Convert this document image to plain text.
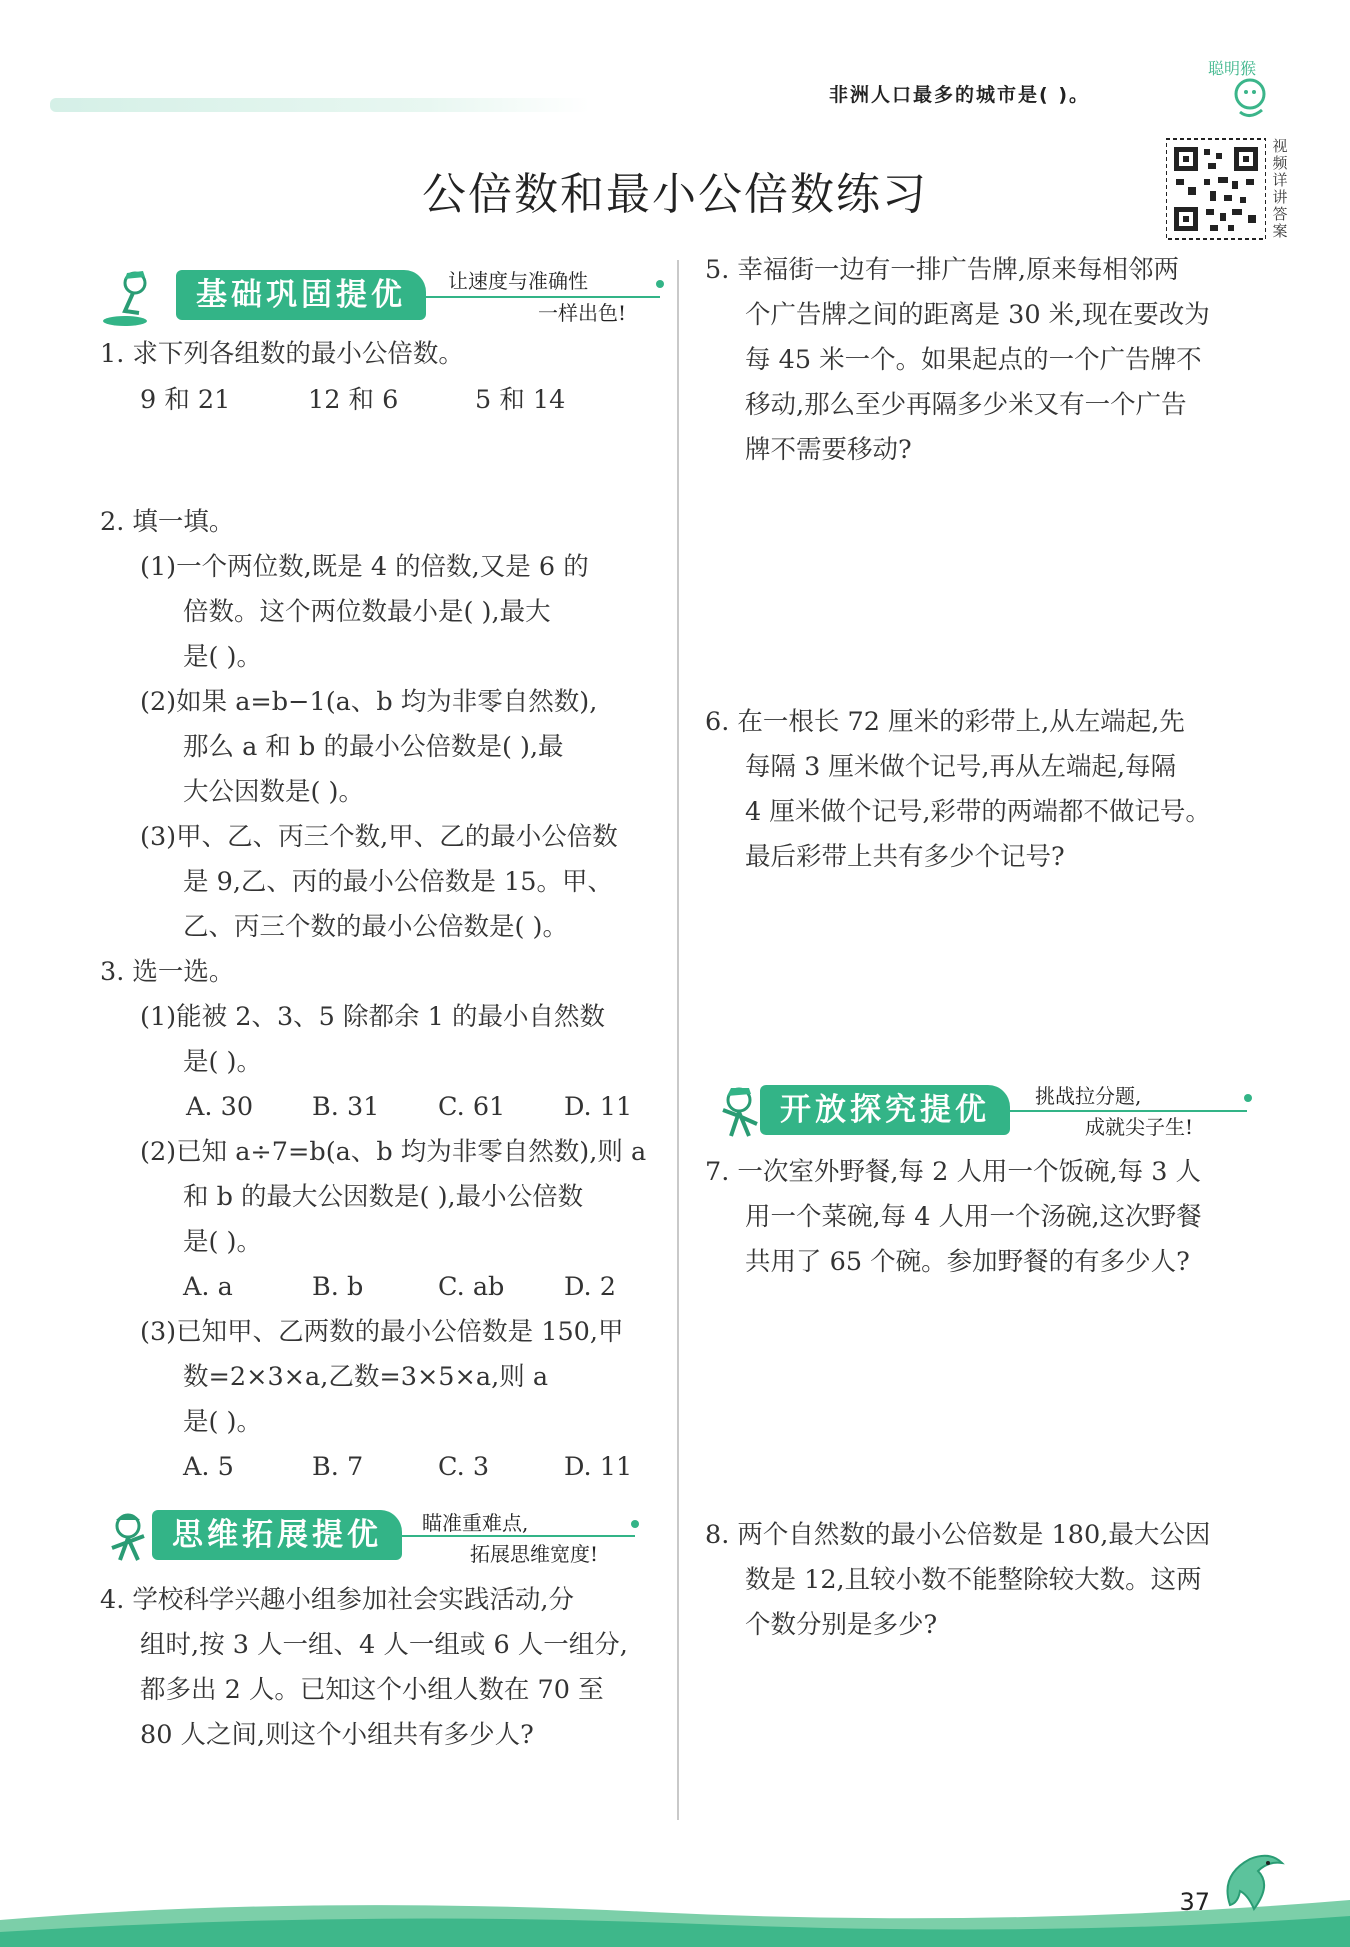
非洲人口最多的城市是( )。
聪明猴
视频详讲答案
公倍数和最小公倍数练习
基础巩固提优	让速度与准确性
一样出色!
1. 求下列各组数的最小公倍数。
9 和 21	12 和 6	5 和 14
2. 填一填。
(1)一个两位数,既是 4 的倍数,又是 6 的
倍数。这个两位数最小是( ),最大
是( )。
(2)如果 a=b−1(a、b 均为非零自然数),
那么 a 和 b 的最小公倍数是( ),最
大公因数是( )。
(3)甲、乙、丙三个数,甲、乙的最小公倍数
是 9,乙、丙的最小公倍数是 15。甲、
乙、丙三个数的最小公倍数是( )。
3. 选一选。
(1)能被 2、3、5 除都余 1 的最小自然数
是( )。
A. 30 B. 31 C. 61 D. 11
(2)已知 a÷7=b(a、b 均为非零自然数),则 a
和 b 的最大公因数是( ),最小公倍数
是( )。
A. a	B. b	C. ab D. 2
(3)已知甲、乙两数的最小公倍数是 150,甲
数=2×3×a,乙数=3×5×a,则 a
是( )。
A. 5	B. 7	C. 3	D. 11
思维拓展提优	瞄准重难点,
拓展思维宽度!
4. 学校科学兴趣小组参加社会实践活动,分
组时,按 3 人一组、4 人一组或 6 人一组分,
都多出 2 人。已知这个小组人数在 70 至
80 人之间,则这个小组共有多少人?
5. 幸福街一边有一排广告牌,原来每相邻两
个广告牌之间的距离是 30 米,现在要改为
每 45 米一个。如果起点的一个广告牌不
移动,那么至少再隔多少米又有一个广告
牌不需要移动?
6. 在一根长 72 厘米的彩带上,从左端起,先
每隔 3 厘米做个记号,再从左端起,每隔
4 厘米做个记号,彩带的两端都不做记号。
最后彩带上共有多少个记号?
开放探究提优	挑战拉分题,
成就尖子生!
7. 一次室外野餐,每 2 人用一个饭碗,每 3 人
用一个菜碗,每 4 人用一个汤碗,这次野餐
共用了 65 个碗。参加野餐的有多少人?
8. 两个自然数的最小公倍数是 180,最大公因
数是 12,且较小数不能整除较大数。这两
个数分别是多少?
37
